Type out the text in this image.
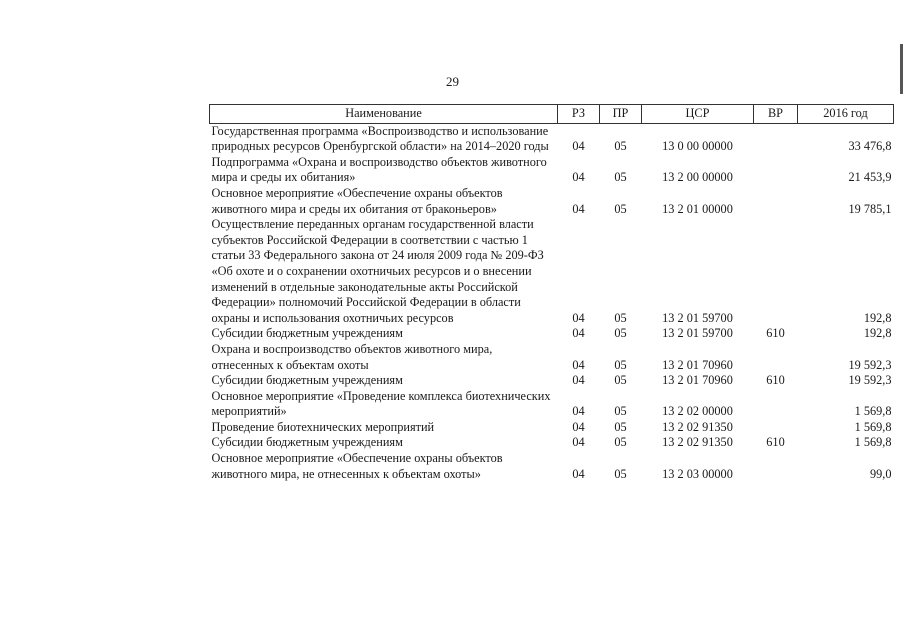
29
Наименование	РЗ	ПР	ЦСР	ВР	2016 год
Государственная программа «Воспроизводство и использование природных ресурсов Оренбургской области» на 2014–2020 годы	04	05	13 0 00 00000		33 476,8
Подпрограмма «Охрана и воспроизводство объектов животного мира и среды их обитания»	04	05	13 2 00 00000		21 453,9
Основное мероприятие «Обеспечение охраны объектов животного мира и среды их обитания от браконьеров»	04	05	13 2 01 00000		19 785,1
Осуществление переданных органам государственной власти субъектов Российской Федерации в соответствии с частью 1 статьи 33 Федерального закона от 24 июля 2009 года № 209-ФЗ «Об охоте и о сохранении охотничьих ресурсов и о внесении изменений в отдельные законодательные акты Российской Федерации» полномочий Российской Федерации в области охраны и использования охотничьих ресурсов	04	05	13 2 01 59700		192,8
Субсидии бюджетным учреждениям	04	05	13 2 01 59700	610	192,8
Охрана и воспроизводство объектов животного мира, отнесенных к объектам охоты	04	05	13 2 01 70960		19 592,3
Субсидии бюджетным учреждениям	04	05	13 2 01 70960	610	19 592,3
Основное мероприятие «Проведение комплекса биотехнических мероприятий»	04	05	13 2 02 00000		1 569,8
Проведение биотехнических мероприятий	04	05	13 2 02 91350		1 569,8
Субсидии бюджетным учреждениям	04	05	13 2 02 91350	610	1 569,8
Основное мероприятие «Обеспечение охраны объектов животного мира, не отнесенных к объектам охоты»	04	05	13 2 03 00000		99,0
